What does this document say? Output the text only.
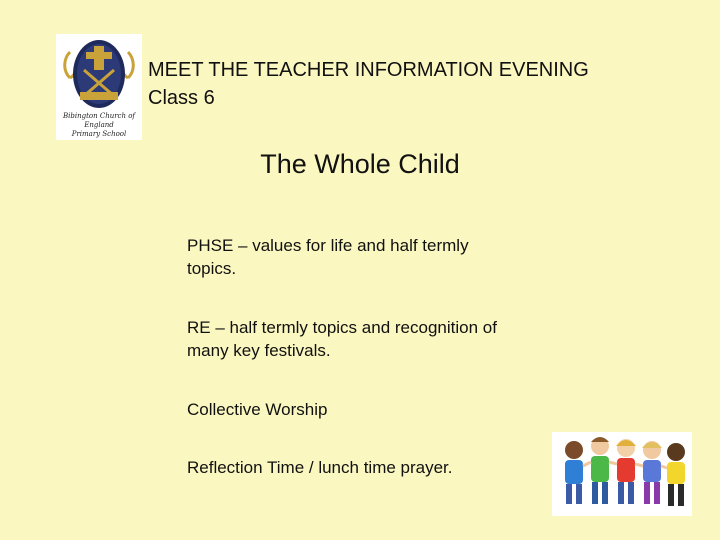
Bibington Church of England
Primary School
MEET THE TEACHER INFORMATION EVENING
Class 6
The Whole Child
PHSE – values for life and half termly
topics.
RE – half termly topics and recognition of
many key festivals.
Collective Worship
Reflection Time / lunch time prayer.
